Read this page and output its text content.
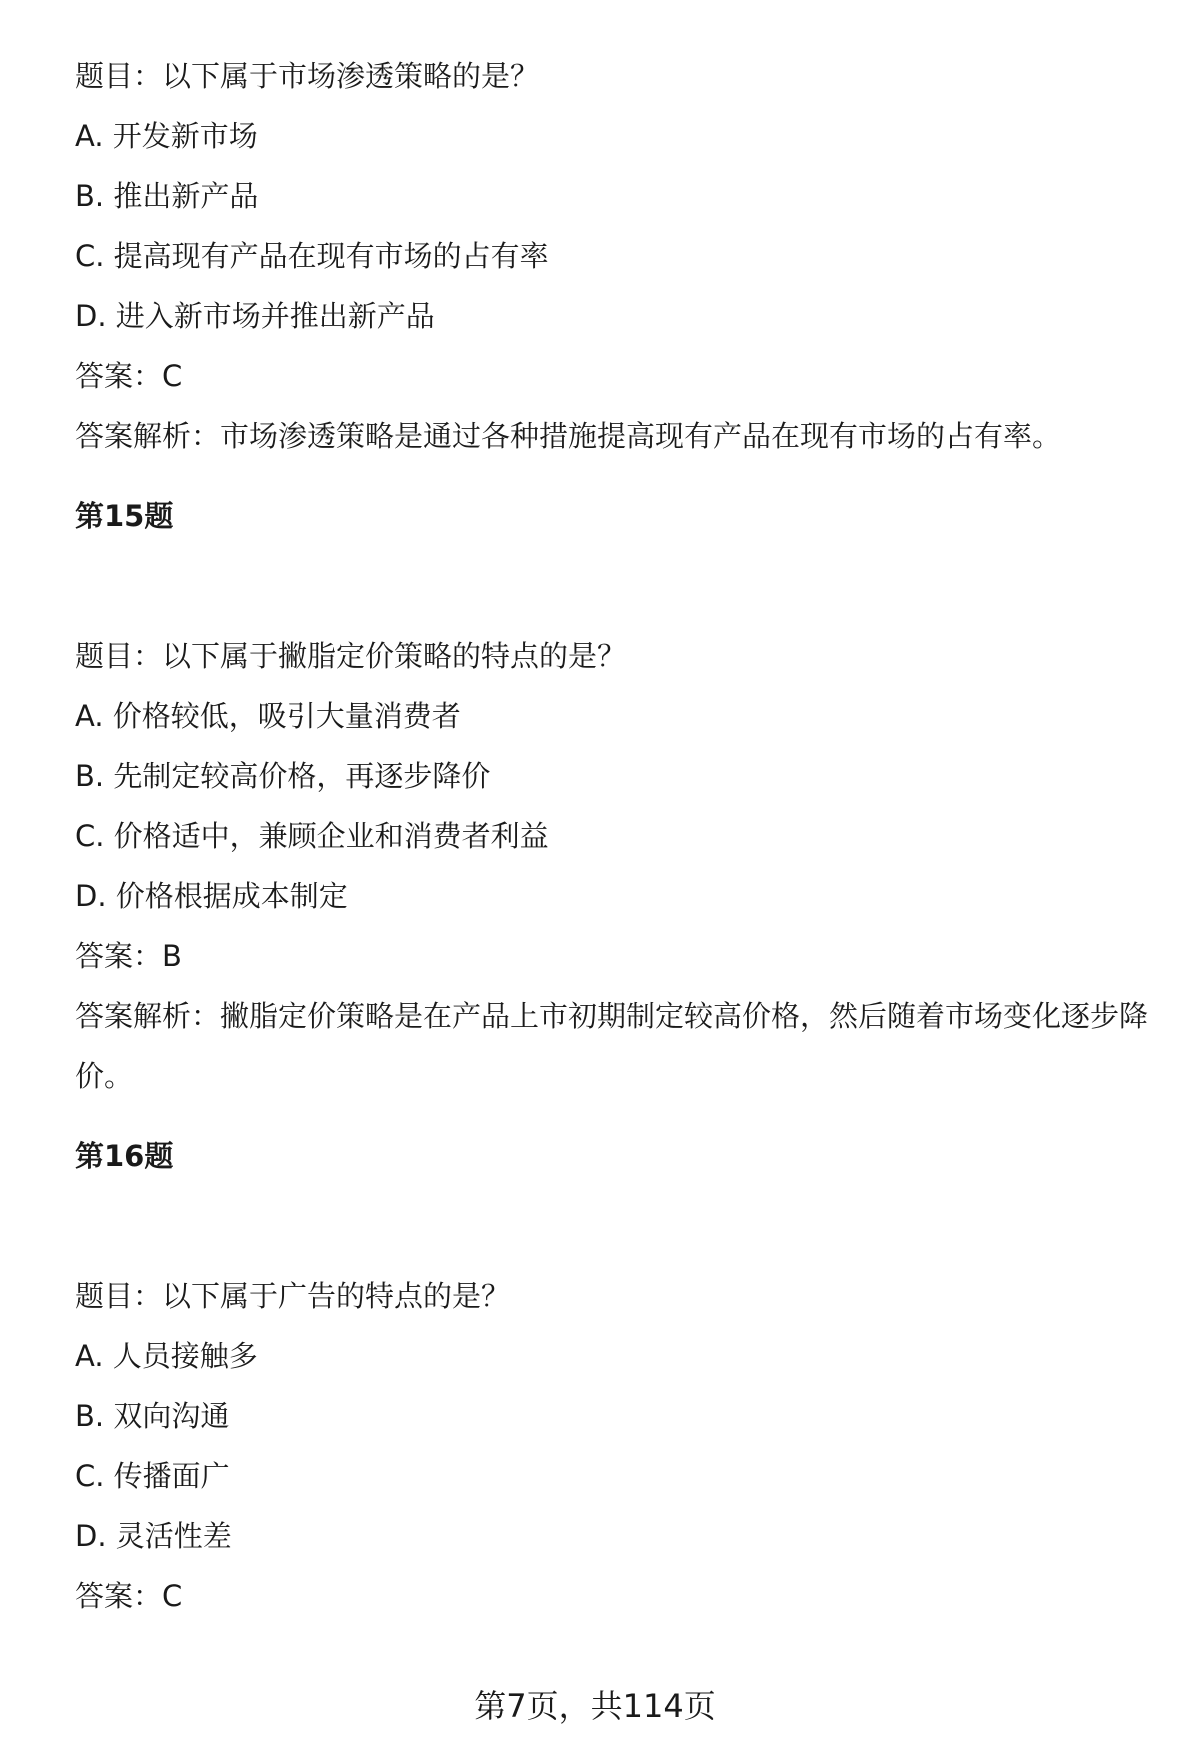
题目：以下属于市场渗透策略的是？
A. 开发新市场
B. 推出新产品
C. 提高现有产品在现有市场的占有率
D. 进入新市场并推出新产品
答案：C
答案解析：市场渗透策略是通过各种措施提高现有产品在现有市场的占有率。
第15题
题目：以下属于撇脂定价策略的特点的是？
A. 价格较低，吸引大量消费者
B. 先制定较高价格，再逐步降价
C. 价格适中，兼顾企业和消费者利益
D. 价格根据成本制定
答案：B
答案解析：撇脂定价策略是在产品上市初期制定较高价格，然后随着市场变化逐步降价。
第16题
题目：以下属于广告的特点的是？
A. 人员接触多
B. 双向沟通
C. 传播面广
D. 灵活性差
答案：C
第7页，共114页
